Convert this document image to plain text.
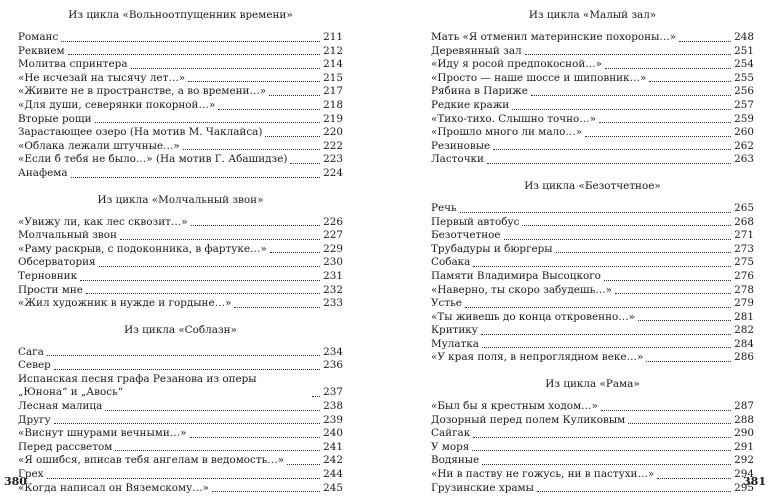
Из цикла «Вольноотпущенник времени»
Романс	211
Реквием	212
Молитва спринтера	214
«Не исчезай на тысячу лет…»	215
«Живите не в пространстве, а во времени…»	217
«Для души, северянки покорной…»	218
Вторые рощи	219
Зарастающее озеро (На мотив М. Чаклайса)	220
«Облака лежали штучные…»	222
«Если б тебя не было…» (На мотив Г. Абашидзе)	223
Анафема	224
Из цикла «Молчальный звон»
«Увижу ли, как лес сквозит…»	226
Молчальный звон	227
«Раму раскрыв, с подоконника, в фартуке…»	229
Обсерватория	230
Терновник	231
Прости мне	232
«Жил художник в нужде и гордыне…»	233
Из цикла «Соблазн»
Сага	234
Север	236
Испанская песня графа Резанова из оперы „Юнона“ и „Авось“	237
Лесная малица	238
Другу	239
«Виснут шнурами вечными…»	240
Перед рассветом	241
«Я ошибся, вписав тебя ангелам в ведомость…»	242
Грех	244
«Когда написал он Вяземскому…»	245
380
Из цикла «Малый зал»
Мать «Я отменил материнские похороны…»	248
Деревянный зал	251
«Иду я росой предпокосной…»	254
«Просто — наше шоссе и шиповник…»	255
Рябина в Париже	256
Редкие кражи	257
«Тихо-тихо. Слышно точно…»	259
«Прошло много ли мало…»	260
Резиновые	262
Ласточки	263
Из цикла «Безотчетное»
Речь	265
Первый автобус	268
Безотчетное	271
Трубадуры и бюргеры	273
Собака	275
Памяти Владимира Высоцкого	276
«Наверно, ты скоро забудешь…»	278
Устье	279
«Ты живешь до конца откровенно…»	281
Критику	282
Мулатка	284
«У края поля, в непроглядном веке…»	286
Из цикла «Рама»
«Был бы я крестным ходом…»	287
Дозорный перед полем Куликовым	288
Сайгак	290
У моря	291
Водяные	292
«Ни в паству не гожусь, ни в пастухи…»	294
Грузинские храмы	295
381
